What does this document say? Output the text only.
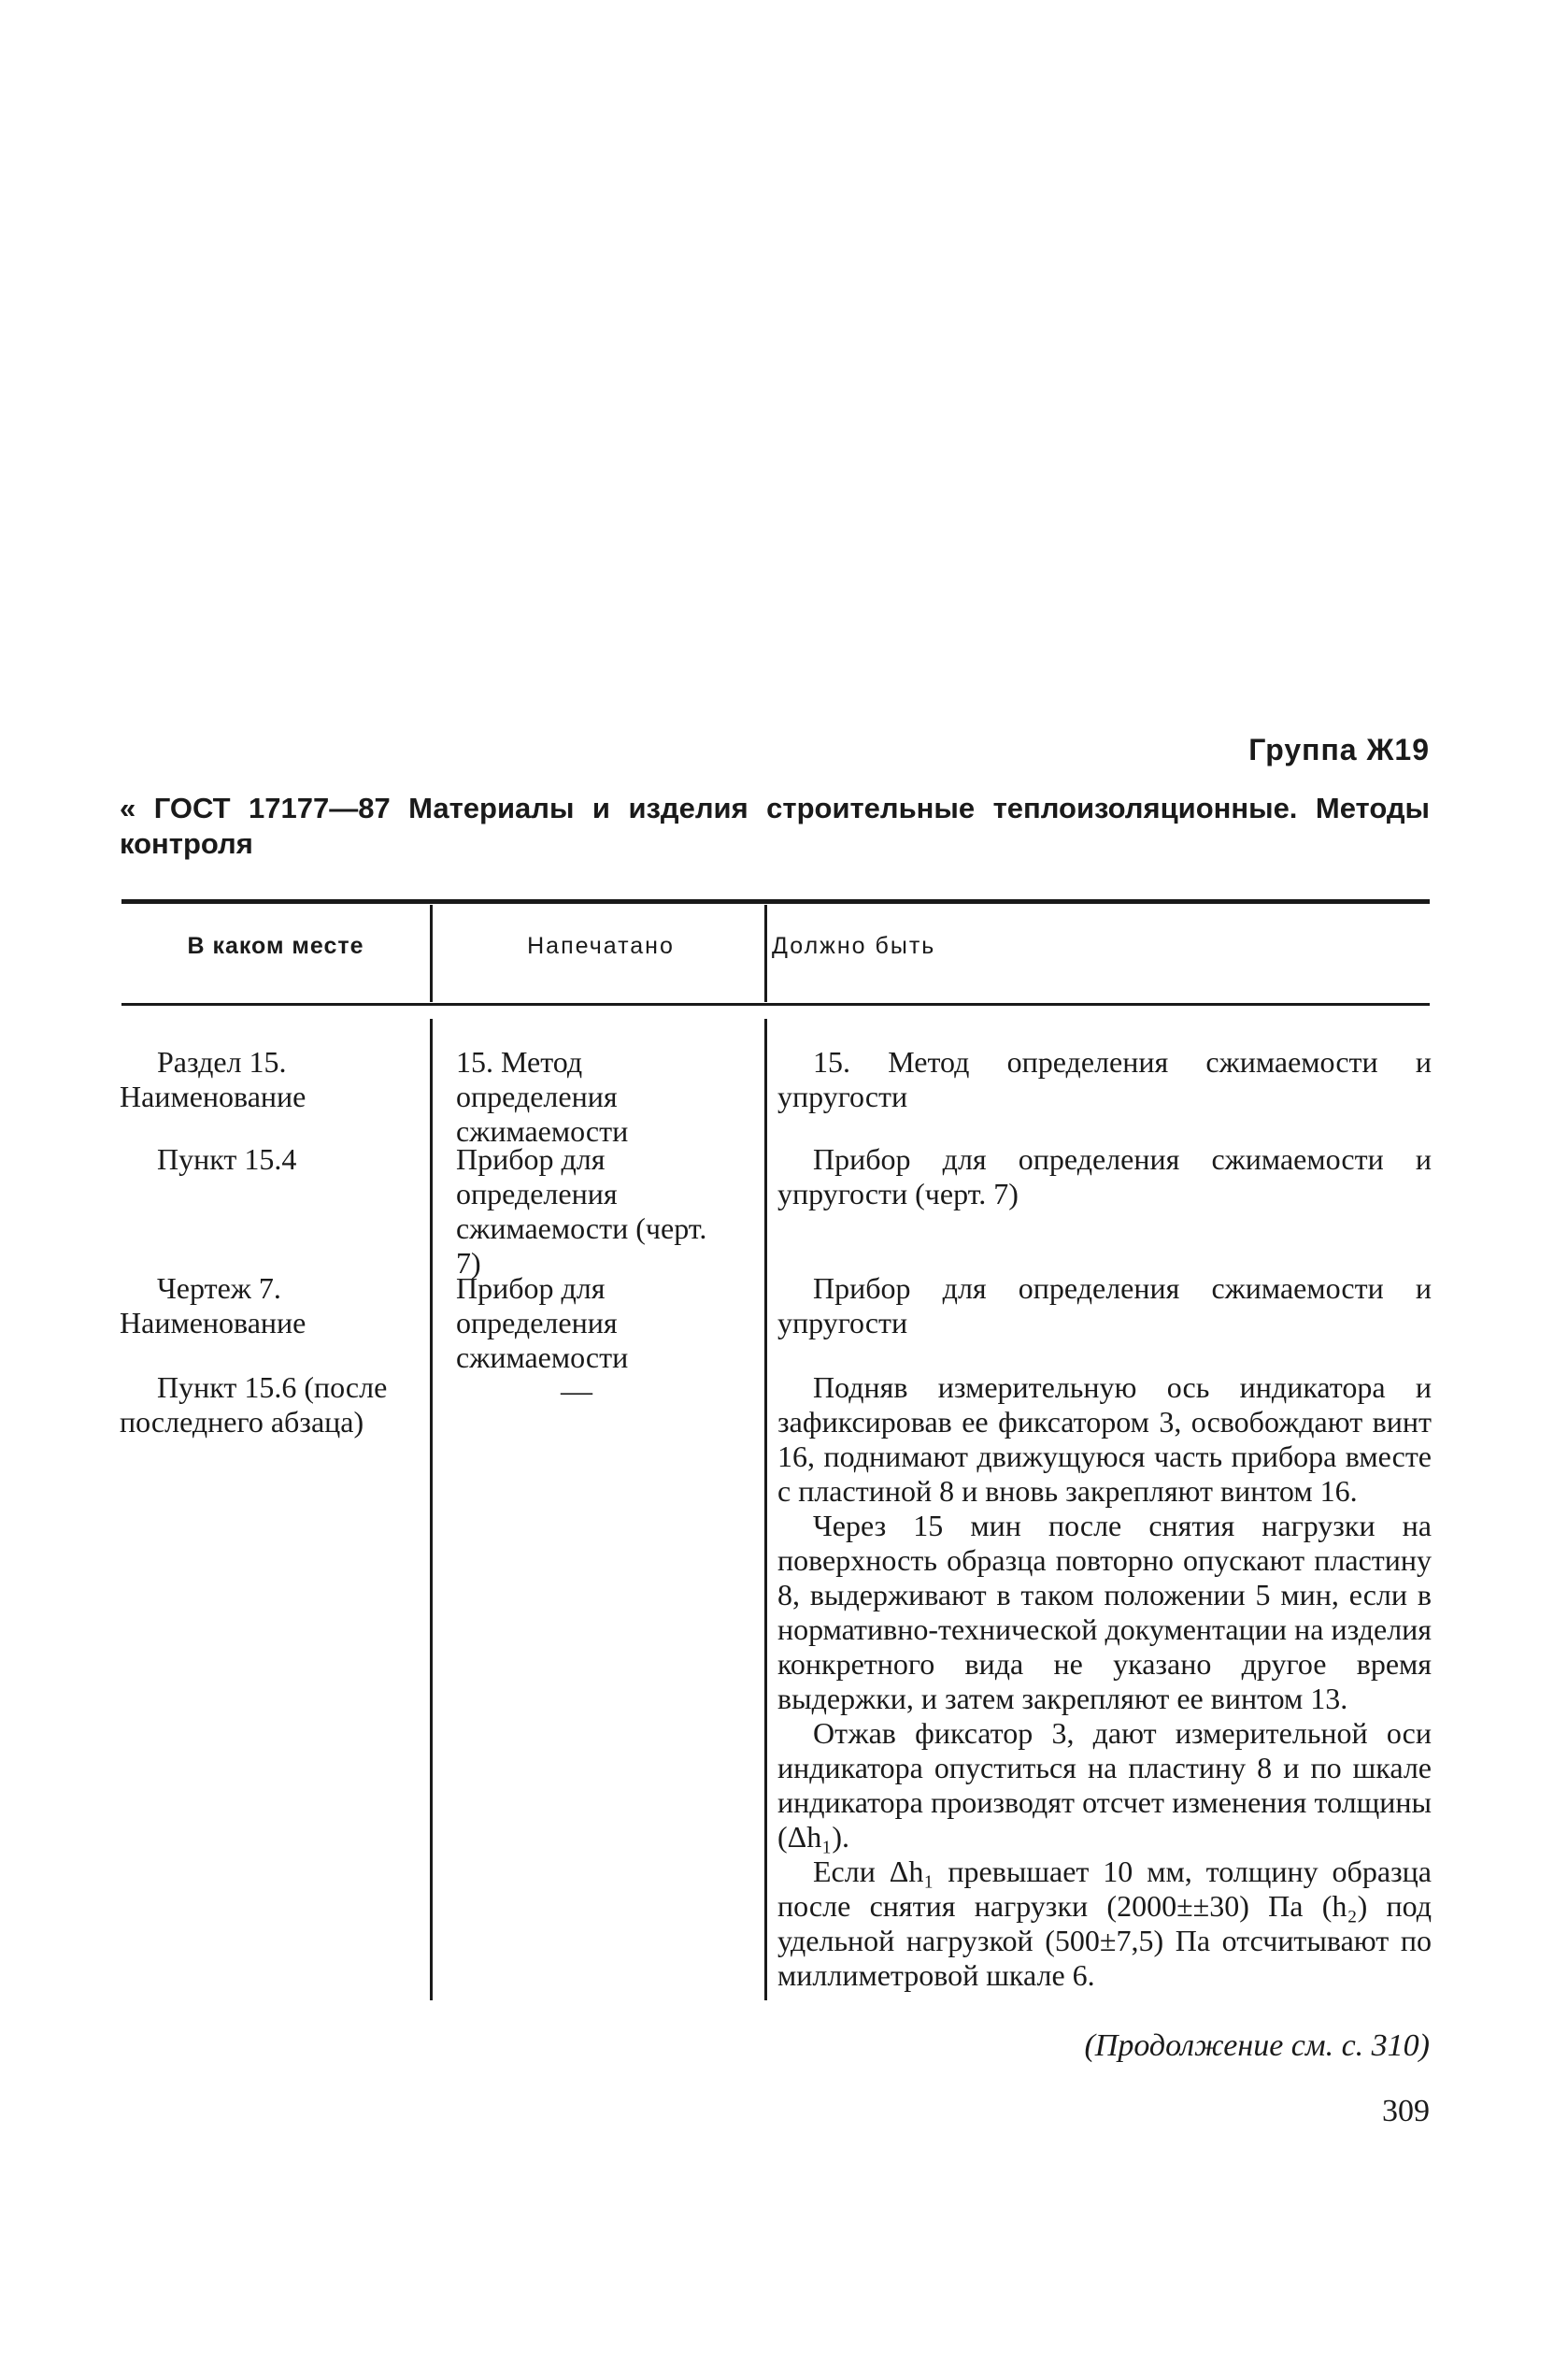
Группа Ж19
« ГОСТ 17177—87 Материалы и изделия строительные теплоизоляционные. Методы контроля
В каком месте	Напечатано	Должно быть
Раздел 15. Наименование
Пункт 15.4
Чертеж 7. Наименование
Пункт 15.6 (после последнего абзаца)
15. Метод определения сжимаемости
Прибор для определения сжимаемости (черт. 7)
Прибор для определения сжимаемости
—

15. Метод определения сжимаемости и упругости

Прибор для определения сжимаемости и упругости (черт. 7)

Прибор для определения сжимаемости и упругости

Подняв измерительную ось индикатора и зафиксировав ее фиксатором 3, освобождают винт 16, поднимают движущуюся часть прибора вместе с пластиной 8 и вновь закрепляют винтом 16.

Через 15 мин после снятия нагрузки на поверхность образца повторно опускают пластину 8, выдерживают в таком положении 5 мин, если в нормативно-технической документации на изделия конкретного вида не указано другое время выдержки, и затем закрепляют ее винтом 13.

Отжав фиксатор 3, дают измерительной оси индикатора опуститься на пластину 8 и по шкале индикатора производят отсчет изменения толщины (Δh₁).

Если Δh₁ превышает 10 мм, толщину образца после снятия нагрузки (2000±±30) Па (h₂) под удельной нагрузкой (500±7,5) Па отсчитывают по миллиметровой шкале 6.

(Продолжение см. с. 310)
309
